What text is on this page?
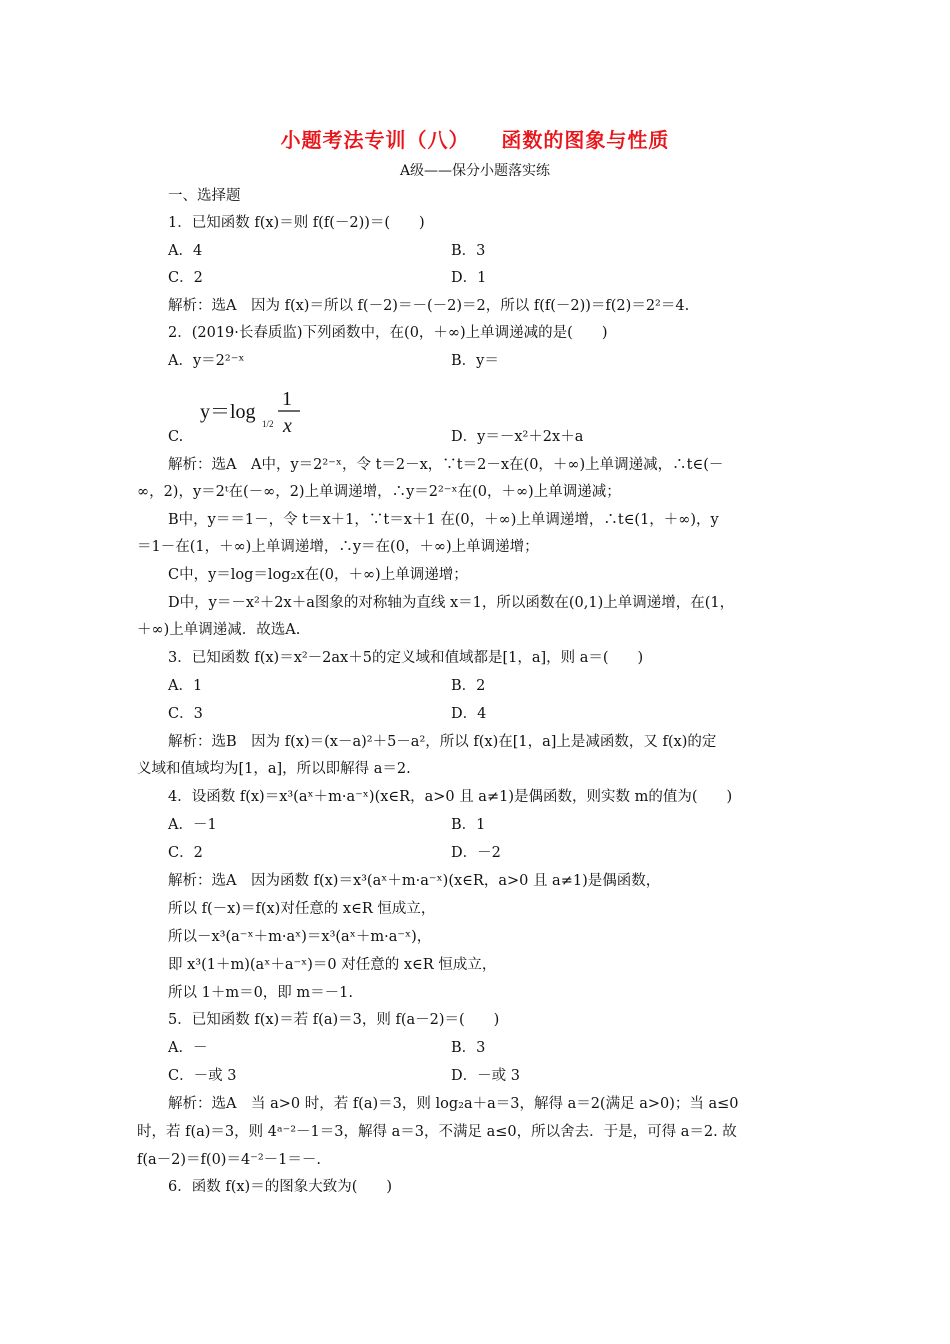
小题考法专训（八）    函数的图象与性质
A级——保分小题落实练
一、选择题
1．已知函数 f(x)＝则 f(f(－2))＝(　　)
A．4	B．3
C．2	D．1
解析：选A　因为 f(x)＝所以 f(－2)＝－(－2)＝2，所以 f(f(－2))＝f(2)＝2²＝4.
2．(2019·长春质监)下列函数中，在(0，＋∞)上单调递减的是(　　)
A．y＝2²⁻ˣ	B．y＝
y＝log
1/2
1
x
C.	D．y＝－x²＋2x＋a
解析：选A　A中，y＝2²⁻ˣ，令 t＝2－x，∵t＝2－x在(0，＋∞)上单调递减，∴t∈(－
∞，2)，y＝2ᵗ在(－∞，2)上单调递增，∴y＝2²⁻ˣ在(0，＋∞)上单调递减；
B中，y＝＝1－，令 t＝x＋1，∵t＝x＋1 在(0，＋∞)上单调递增，∴t∈(1，＋∞)，y
＝1－在(1，＋∞)上单调递增，∴y＝在(0，＋∞)上单调递增；
C中，y＝log＝log₂x在(0，＋∞)上单调递增；
D中，y＝－x²＋2x＋a图象的对称轴为直线 x＝1，所以函数在(0,1)上单调递增，在(1，
＋∞)上单调递减．故选A.
3．已知函数 f(x)＝x²－2ax＋5的定义域和值域都是[1，a]，则 a＝(　　)
A．1	B．2
C．3	D．4
解析：选B　因为 f(x)＝(x－a)²＋5－a²，所以 f(x)在[1，a]上是减函数，又 f(x)的定
义域和值域均为[1，a]，所以即解得 a＝2.
4．设函数 f(x)＝x³(aˣ＋m·a⁻ˣ)(x∈R，a>0 且 a≠1)是偶函数，则实数 m的值为(　　)
A．－1	B．1
C．2	D．－2
解析：选A　因为函数 f(x)＝x³(aˣ＋m·a⁻ˣ)(x∈R，a>0 且 a≠1)是偶函数，
所以 f(－x)＝f(x)对任意的 x∈R 恒成立，
所以－x³(a⁻ˣ＋m·aˣ)＝x³(aˣ＋m·a⁻ˣ)，
即 x³(1＋m)(aˣ＋a⁻ˣ)＝0 对任意的 x∈R 恒成立，
所以 1＋m＝0，即 m＝－1.
5．已知函数 f(x)＝若 f(a)＝3，则 f(a－2)＝(　　)
A．－	B．3
C．－或 3	D．－或 3
解析：选A　当 a>0 时，若 f(a)＝3，则 log₂a＋a＝3，解得 a＝2(满足 a>0)；当 a≤0
时，若 f(a)＝3，则 4ᵃ⁻²－1＝3，解得 a＝3，不满足 a≤0，所以舍去．于是，可得 a＝2. 故
f(a－2)＝f(0)＝4⁻²－1＝－.
6．函数 f(x)＝的图象大致为(　　)
